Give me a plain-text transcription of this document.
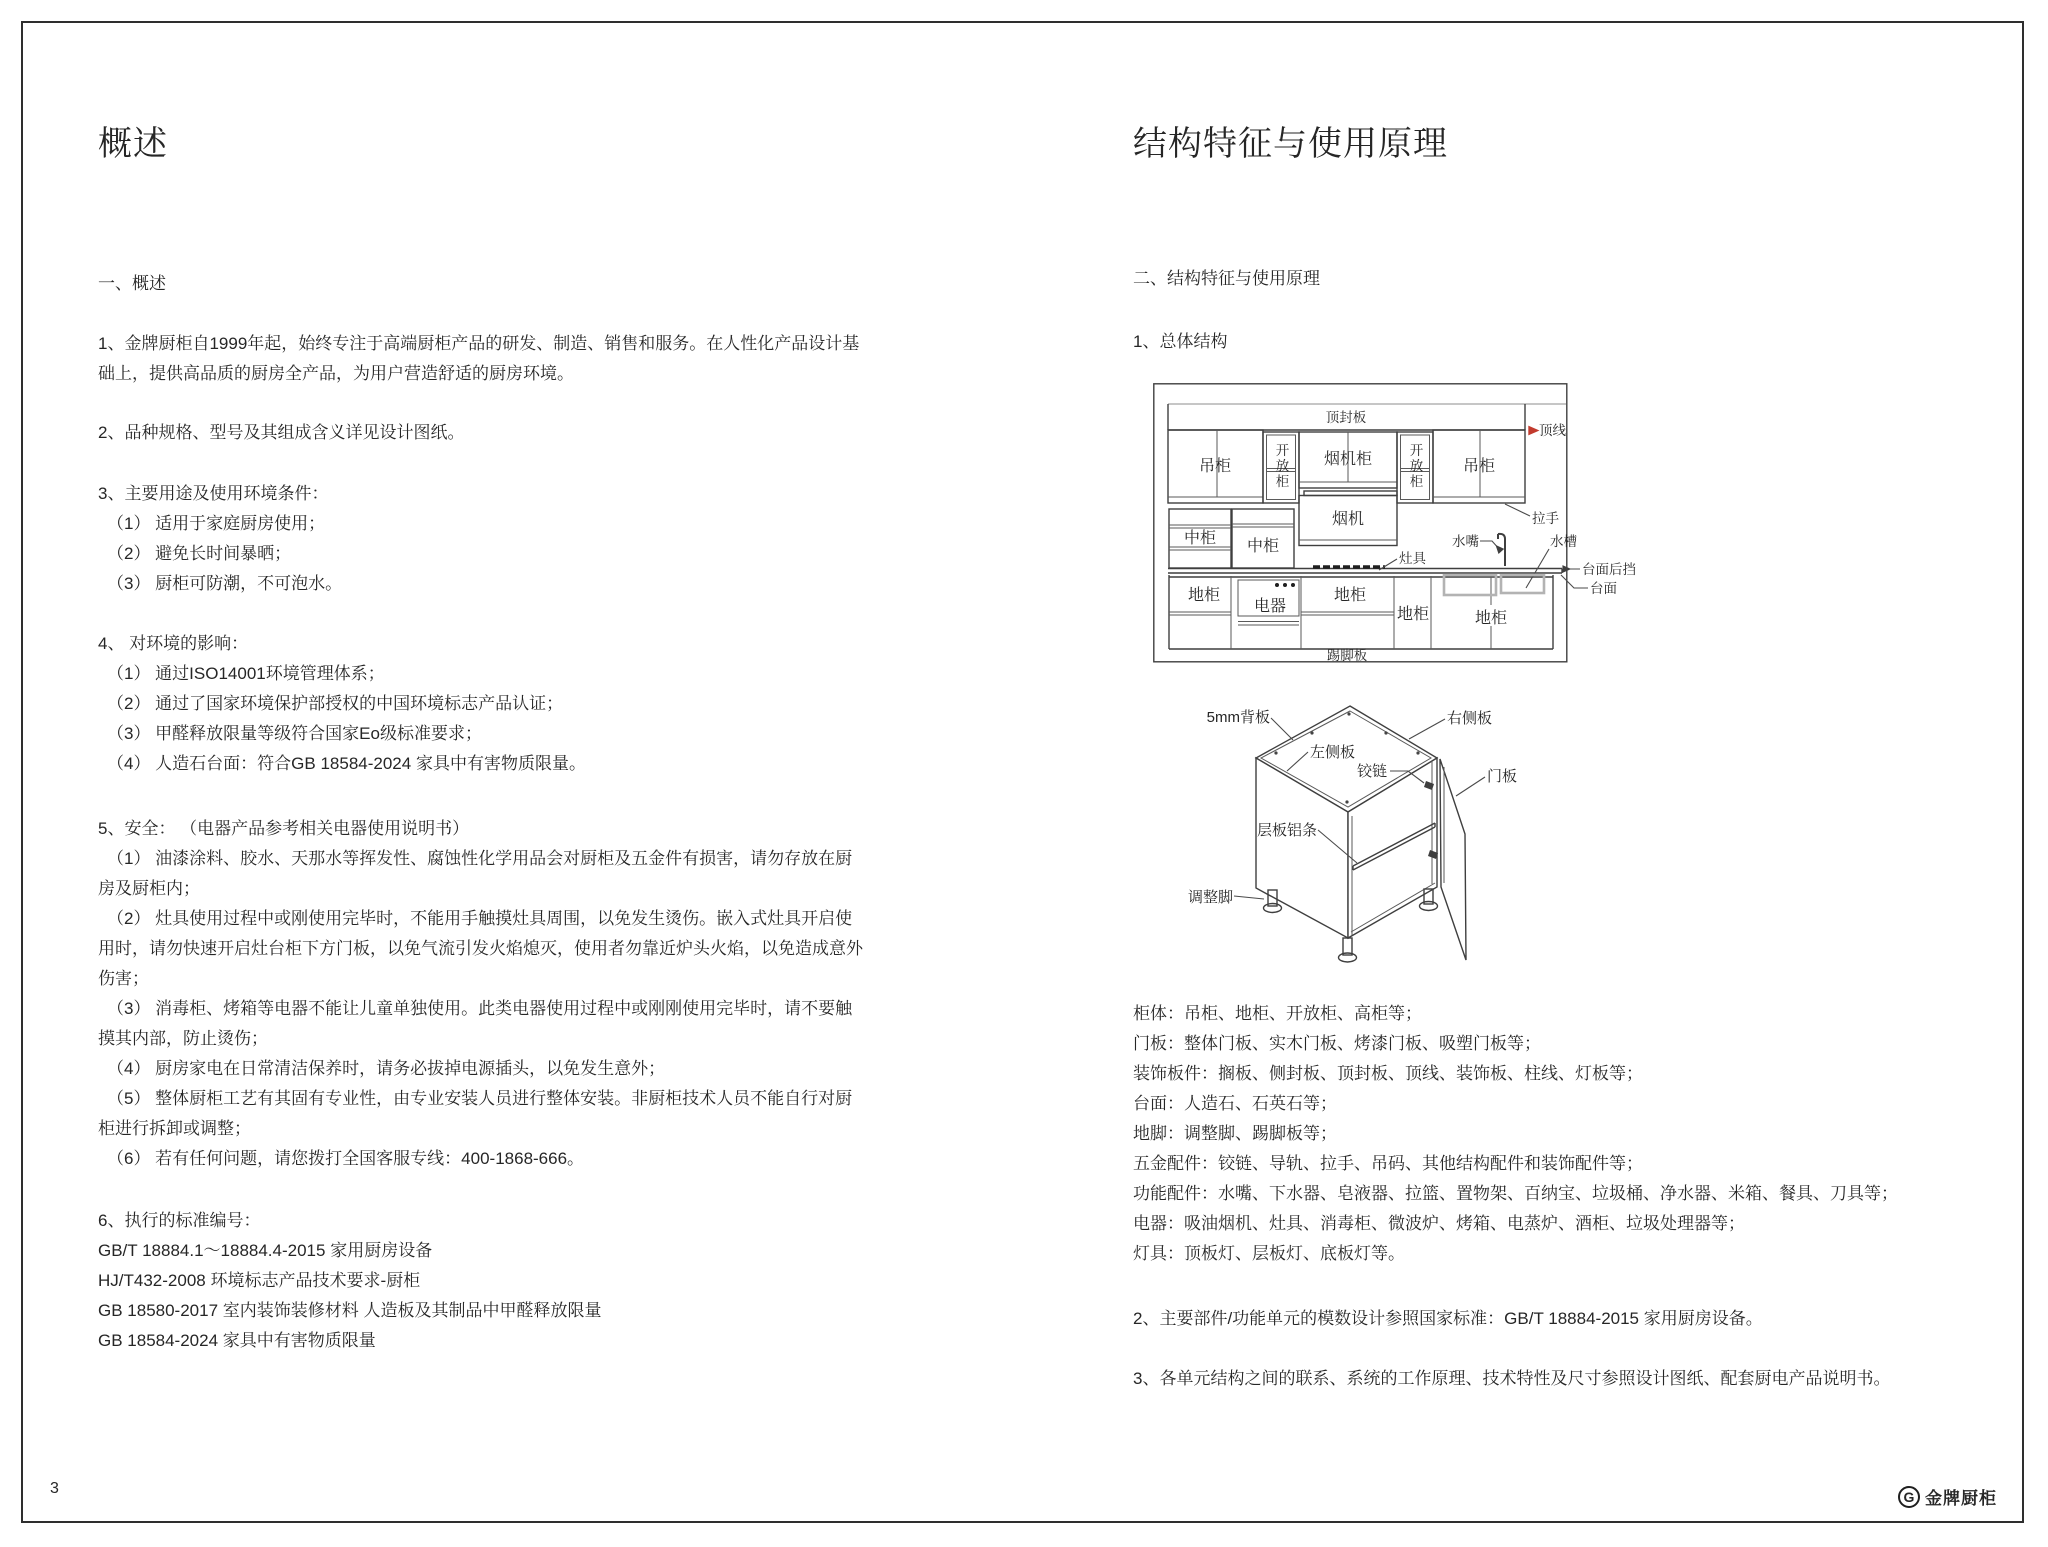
概述
一、概述
1、金牌厨柜自1999年起，始终专注于高端厨柜产品的研发、制造、销售和服务。在人性化产品设计基础上，提供高品质的厨房全产品，为用户营造舒适的厨房环境。
2、品种规格、型号及其组成含义详见设计图纸。

3、主要用途及使用环境条件：

（1） 适用于家庭厨房使用；

（2） 避免长时间暴晒；

（3） 厨柜可防潮，不可泡水。

4、 对环境的影响：

（1） 通过ISO14001环境管理体系；

（2） 通过了国家环境保护部授权的中国环境标志产品认证；

（3） 甲醛释放限量等级符合国家Eo级标准要求；

（4） 人造石台面：符合GB 18584-2024 家具中有害物质限量。

5、安全： （电器产品参考相关电器使用说明书）

（1） 油漆涂料、胶水、天那水等挥发性、腐蚀性化学用品会对厨柜及五金件有损害，请勿存放在厨房及厨柜内；

（2） 灶具使用过程中或刚使用完毕时，不能用手触摸灶具周围，以免发生烫伤。嵌入式灶具开启使用时，请勿快速开启灶台柜下方门板，以免气流引发火焰熄灭，使用者勿靠近炉头火焰，以免造成意外伤害；

（3） 消毒柜、烤箱等电器不能让儿童单独使用。此类电器使用过程中或刚刚使用完毕时，请不要触摸其内部，防止烫伤；

（4） 厨房家电在日常清洁保养时，请务必拔掉电源插头，以免发生意外；

（5） 整体厨柜工艺有其固有专业性，由专业安装人员进行整体安装。非厨柜技术人员不能自行对厨柜进行拆卸或调整；

（6） 若有任何问题，请您拨打全国客服专线：400-1868-666。

6、执行的标准编号：

GB/T 18884.1～18884.4-2015 家用厨房设备

HJ/T432-2008 环境标志产品技术要求-厨柜

GB 18580-2017 室内装饰装修材料 人造板及其制品中甲醛释放限量

GB 18584-2024 家具中有害物质限量

结构特征与使用原理
二、结构特征与使用原理
1、总体结构
顶封板
顶线
吊柜	开放柜 烟机柜	开放柜	吊柜
拉手
烟机
中柜 中柜
灶具
水嘴	水槽
台面后挡
台面
地柜
电器
地柜
地柜	地柜
踢脚板
5mm背板	右侧板
左侧板
铰链	门板
层板铝条
调整脚

柜体：吊柜、地柜、开放柜、高柜等；

门板：整体门板、实木门板、烤漆门板、吸塑门板等；

装饰板件：搁板、侧封板、顶封板、顶线、装饰板、柱线、灯板等；

台面：人造石、石英石等；

地脚：调整脚、踢脚板等；

五金配件：铰链、导轨、拉手、吊码、其他结构配件和装饰配件等；

功能配件：水嘴、下水器、皂液器、拉篮、置物架、百纳宝、垃圾桶、净水器、米箱、餐具、刀具等；

电器：吸油烟机、灶具、消毒柜、微波炉、烤箱、电蒸炉、酒柜、垃圾处理器等；

灯具：顶板灯、层板灯、底板灯等。

2、主要部件/功能单元的模数设计参照国家标准：GB/T 18884-2015 家用厨房设备。
3、各单元结构之间的联系、系统的工作原理、技术特性及尺寸参照设计图纸、配套厨电产品说明书。
3	G 金牌厨柜
